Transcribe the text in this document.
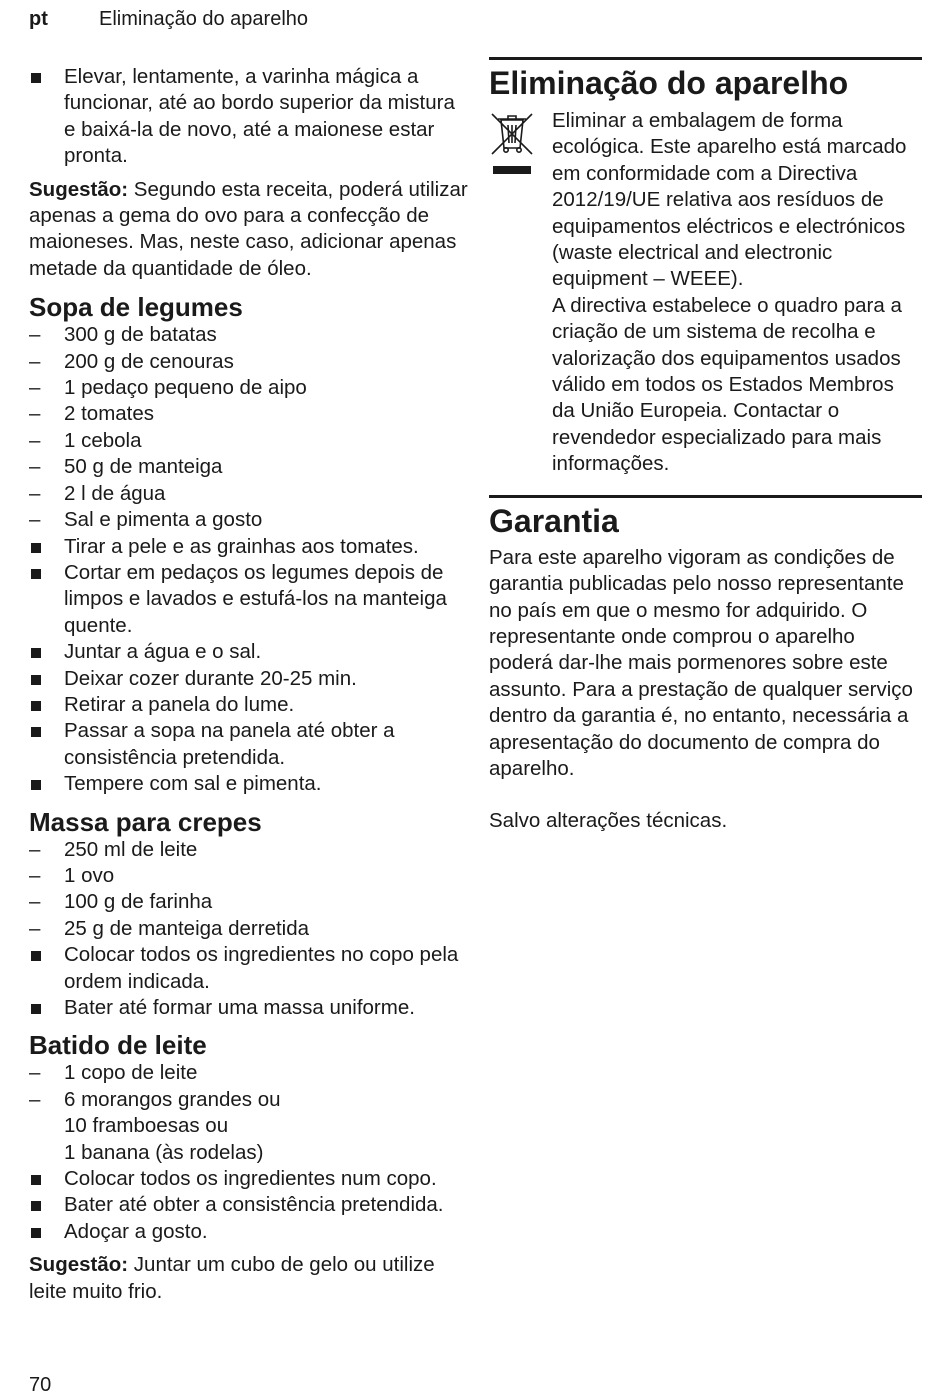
pt	Eliminação do aparelho
Elevar, lentamente, a varinha mágica a funcionar, até ao bordo superior da mistura e baixá-la de novo, até a maionese estar pronta.

Sugestão: Segundo esta receita, poderá utilizar apenas a gema do ovo para a confecção de maioneses. Mas, neste caso, adicionar apenas metade da quantidade de óleo.

Sopa de legumes
– 300 g de batatas
– 200 g de cenouras
– 1 pedaço pequeno de aipo
– 2 tomates
– 1 cebola
– 50 g de manteiga
– 2 l de água
– Sal e pimenta a gosto
Tirar a pele e as grainhas aos tomates.
Cortar em pedaços os legumes depois de limpos e lavados e estufá-los na manteiga quente.
Juntar a água e o sal.
Deixar cozer durante 20-25 min.
Retirar a panela do lume.
Passar a sopa na panela até obter a consistência pretendida.
Tempere com sal e pimenta.
Massa para crepes
– 250 ml de leite
– 1 ovo
– 100 g de farinha
– 25 g de manteiga derretida
Colocar todos os ingredientes no copo pela ordem indicada.
Bater até formar uma massa uniforme.
Batido de leite
– 1 copo de leite
– 6 morangos grandes ou
10 framboesas ou
1 banana (às rodelas)
Colocar todos os ingredientes num copo.
Bater até obter a consistência pretendida.
Adoçar a gosto.

Sugestão: Juntar um cubo de gelo ou utilize leite muito frio.

Eliminação do aparelho
Eliminar a embalagem de forma ecológica. Este aparelho está marcado em conformidade com a Directiva 2012/19/UE relativa aos resíduos de equipamentos eléctricos e electrónicos (waste electrical and electronic equipment – WEEE).
A directiva estabelece o quadro para a criação de um sistema de recolha e valorização dos equipamentos usados válido em todos os Estados Membros da União Europeia. Contactar o revendedor especializado para mais informações.
Garantia
Para este aparelho vigoram as condições de garantia publicadas pelo nosso representante no país em que o mesmo for adquirido. O representante onde comprou o aparelho poderá dar-lhe mais pormenores sobre este assunto. Para a prestação de qualquer serviço dentro da garantia é, no entanto, necessária a apresentação do documento de compra do aparelho.
Salvo alterações técnicas.
70
